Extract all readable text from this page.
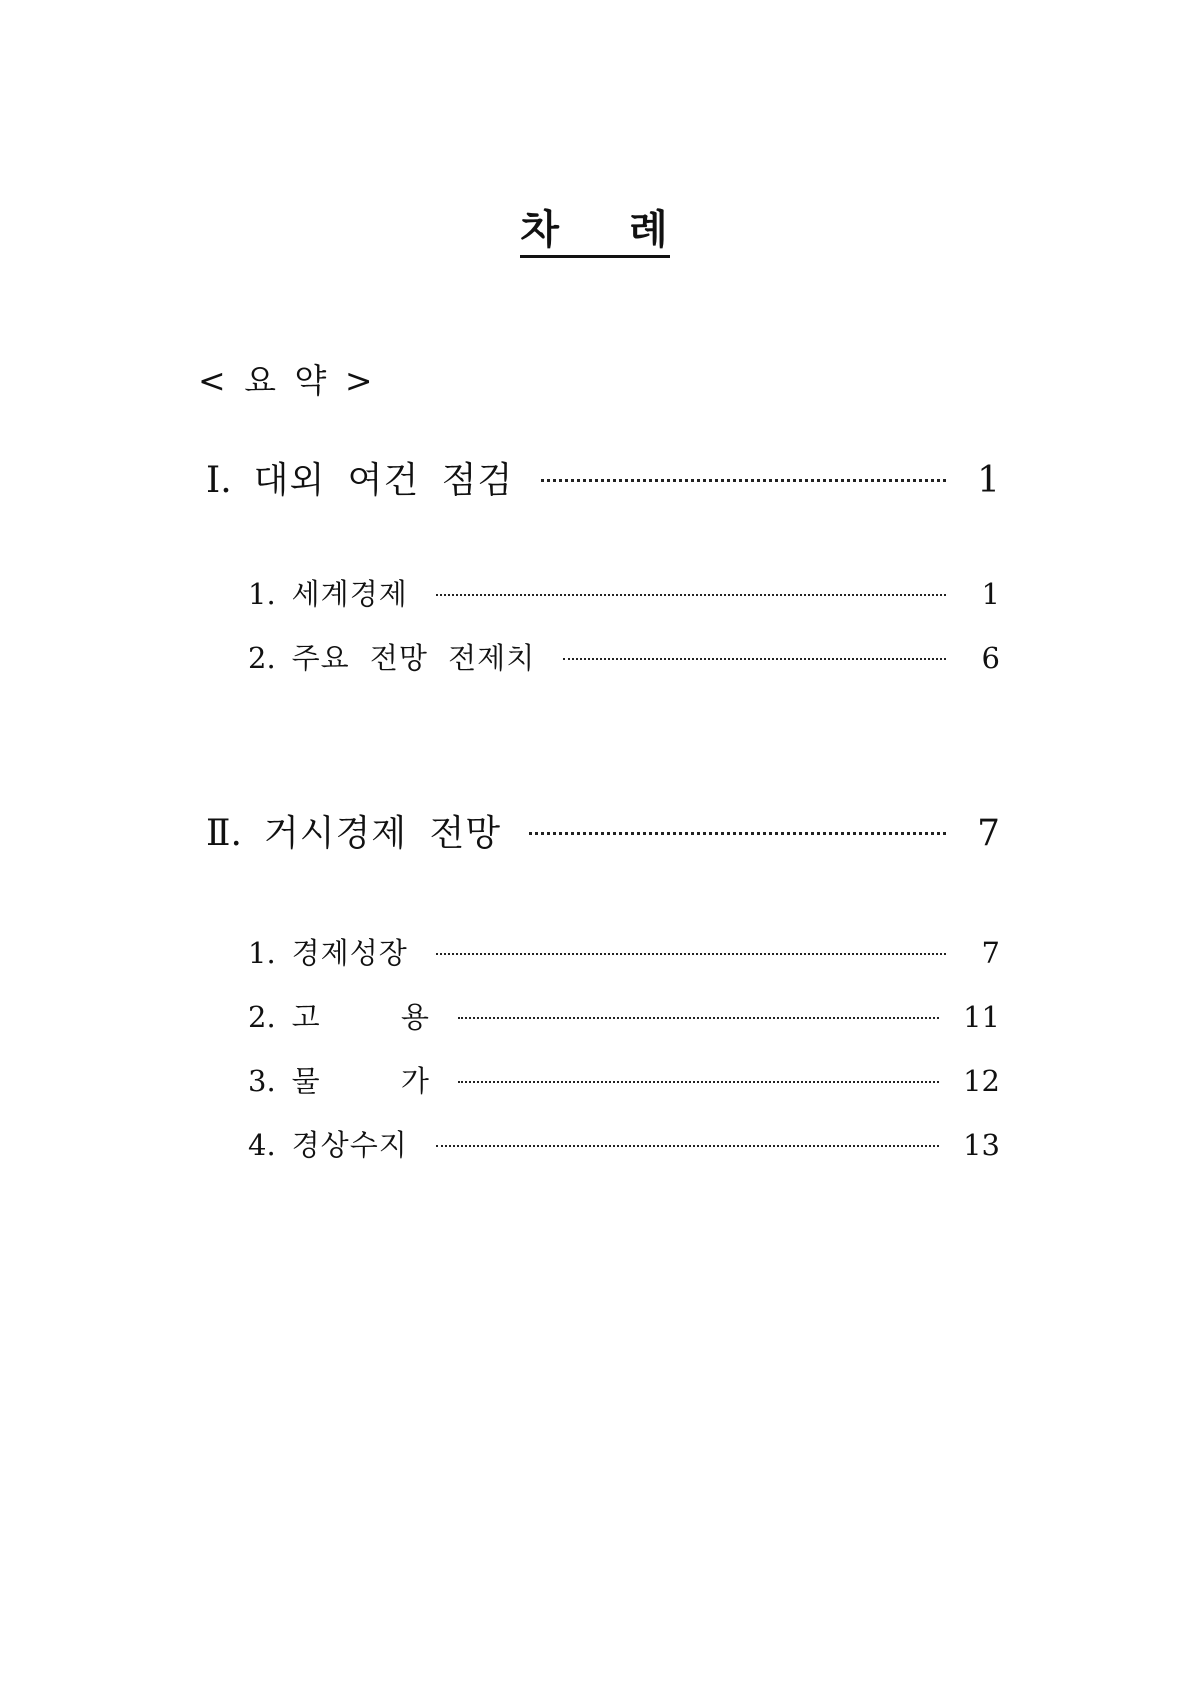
차 례
< 요 약 >
Ⅰ. 대외 여건 점검	1
1. 세계경제	1
2. 주요 전망 전제치	6
Ⅱ. 거시경제 전망	7
1. 경제성장	7
2. 고 용	11
3. 물 가	12
4. 경상수지	13
